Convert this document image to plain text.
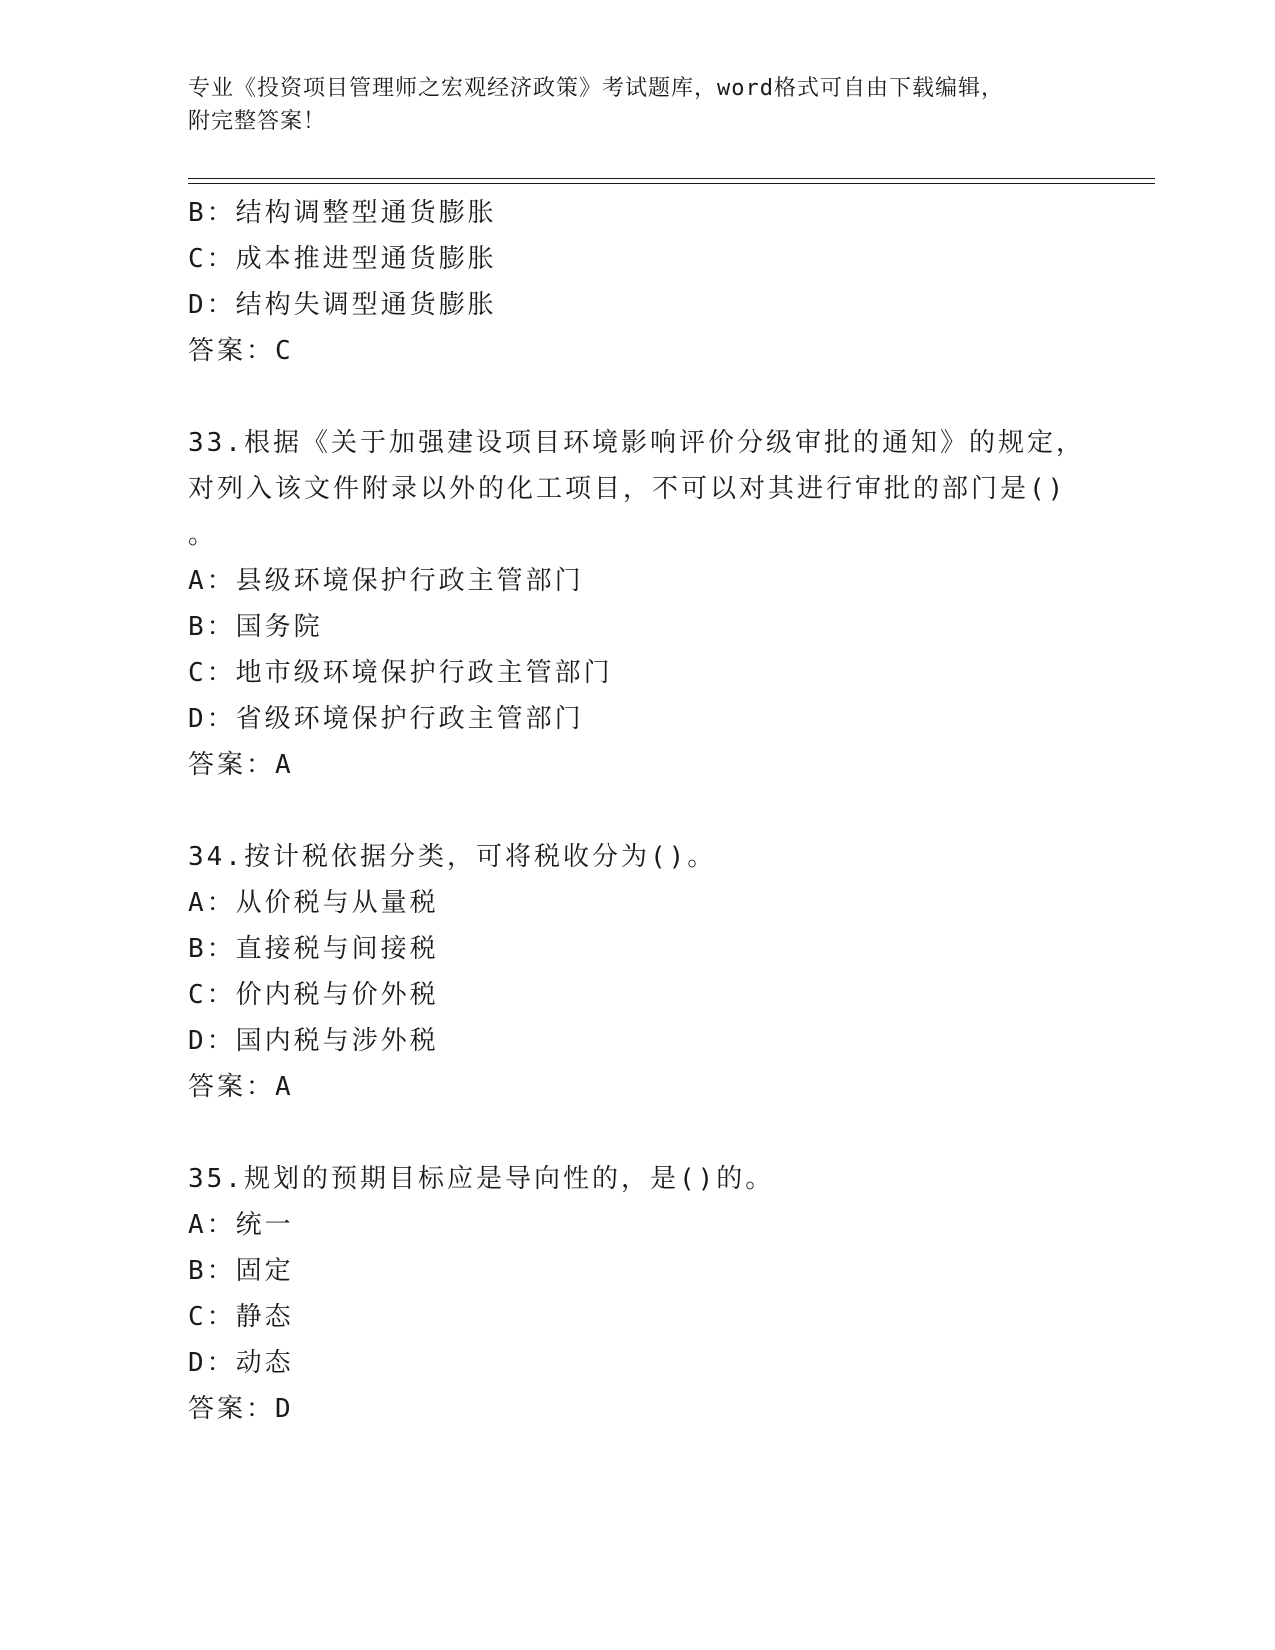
专业《投资项目管理师之宏观经济政策》考试题库，word格式可自由下载编辑，
附完整答案！
B：结构调整型通货膨胀
C：成本推进型通货膨胀
D：结构失调型通货膨胀
答案：C
33.根据《关于加强建设项目环境影响评价分级审批的通知》的规定，
对列入该文件附录以外的化工项目，不可以对其进行审批的部门是()
。
A：县级环境保护行政主管部门
B：国务院
C：地市级环境保护行政主管部门
D：省级环境保护行政主管部门
答案：A
34.按计税依据分类，可将税收分为()。
A：从价税与从量税
B：直接税与间接税
C：价内税与价外税
D：国内税与涉外税
答案：A
35.规划的预期目标应是导向性的，是()的。
A：统一
B：固定
C：静态
D：动态
答案：D
